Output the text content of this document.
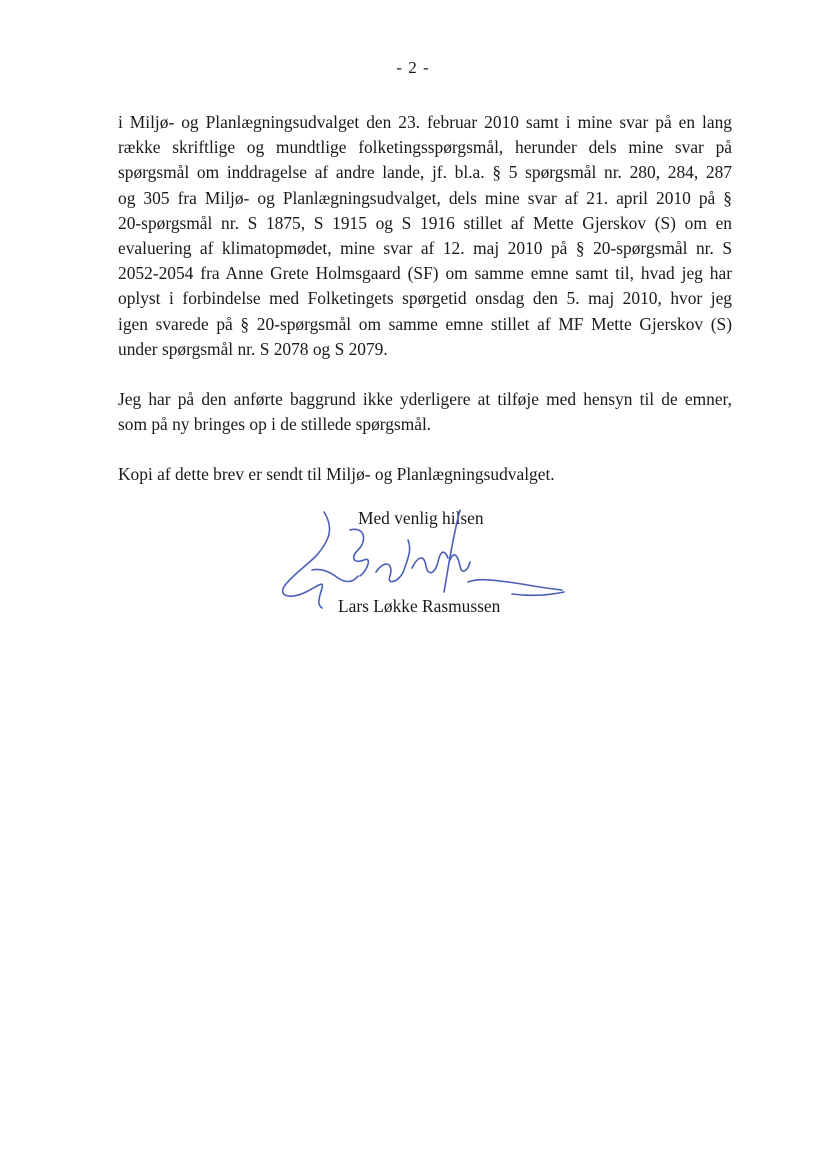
- 2 -
i Miljø- og Planlægningsudvalget den 23. februar 2010 samt i mine svar på en lang
række skriftlige og mundtlige folketingsspørgsmål, herunder dels mine svar på
spørgsmål om inddragelse af andre lande, jf. bl.a. § 5 spørgsmål nr. 280, 284, 287
og 305 fra Miljø- og Planlægningsudvalget, dels mine svar af 21. april 2010 på §
20-spørgsmål nr. S 1875, S 1915 og S 1916 stillet af Mette Gjerskov (S) om en
evaluering af klimatopmødet, mine svar af 12. maj 2010 på § 20-spørgsmål nr. S
2052-2054 fra Anne Grete Holmsgaard (SF) om samme emne samt til, hvad jeg har
oplyst i forbindelse med Folketingets spørgetid onsdag den 5. maj 2010, hvor jeg
igen svarede på § 20-spørgsmål om samme emne stillet af MF Mette Gjerskov (S)
under spørgsmål nr. S 2078 og S 2079.
Jeg har på den anførte baggrund ikke yderligere at tilføje med hensyn til de emner,
som på ny bringes op i de stillede spørgsmål.
Kopi af dette brev er sendt til Miljø- og Planlægningsudvalget.
Med venlig hilsen
Lars Løkke Rasmussen
